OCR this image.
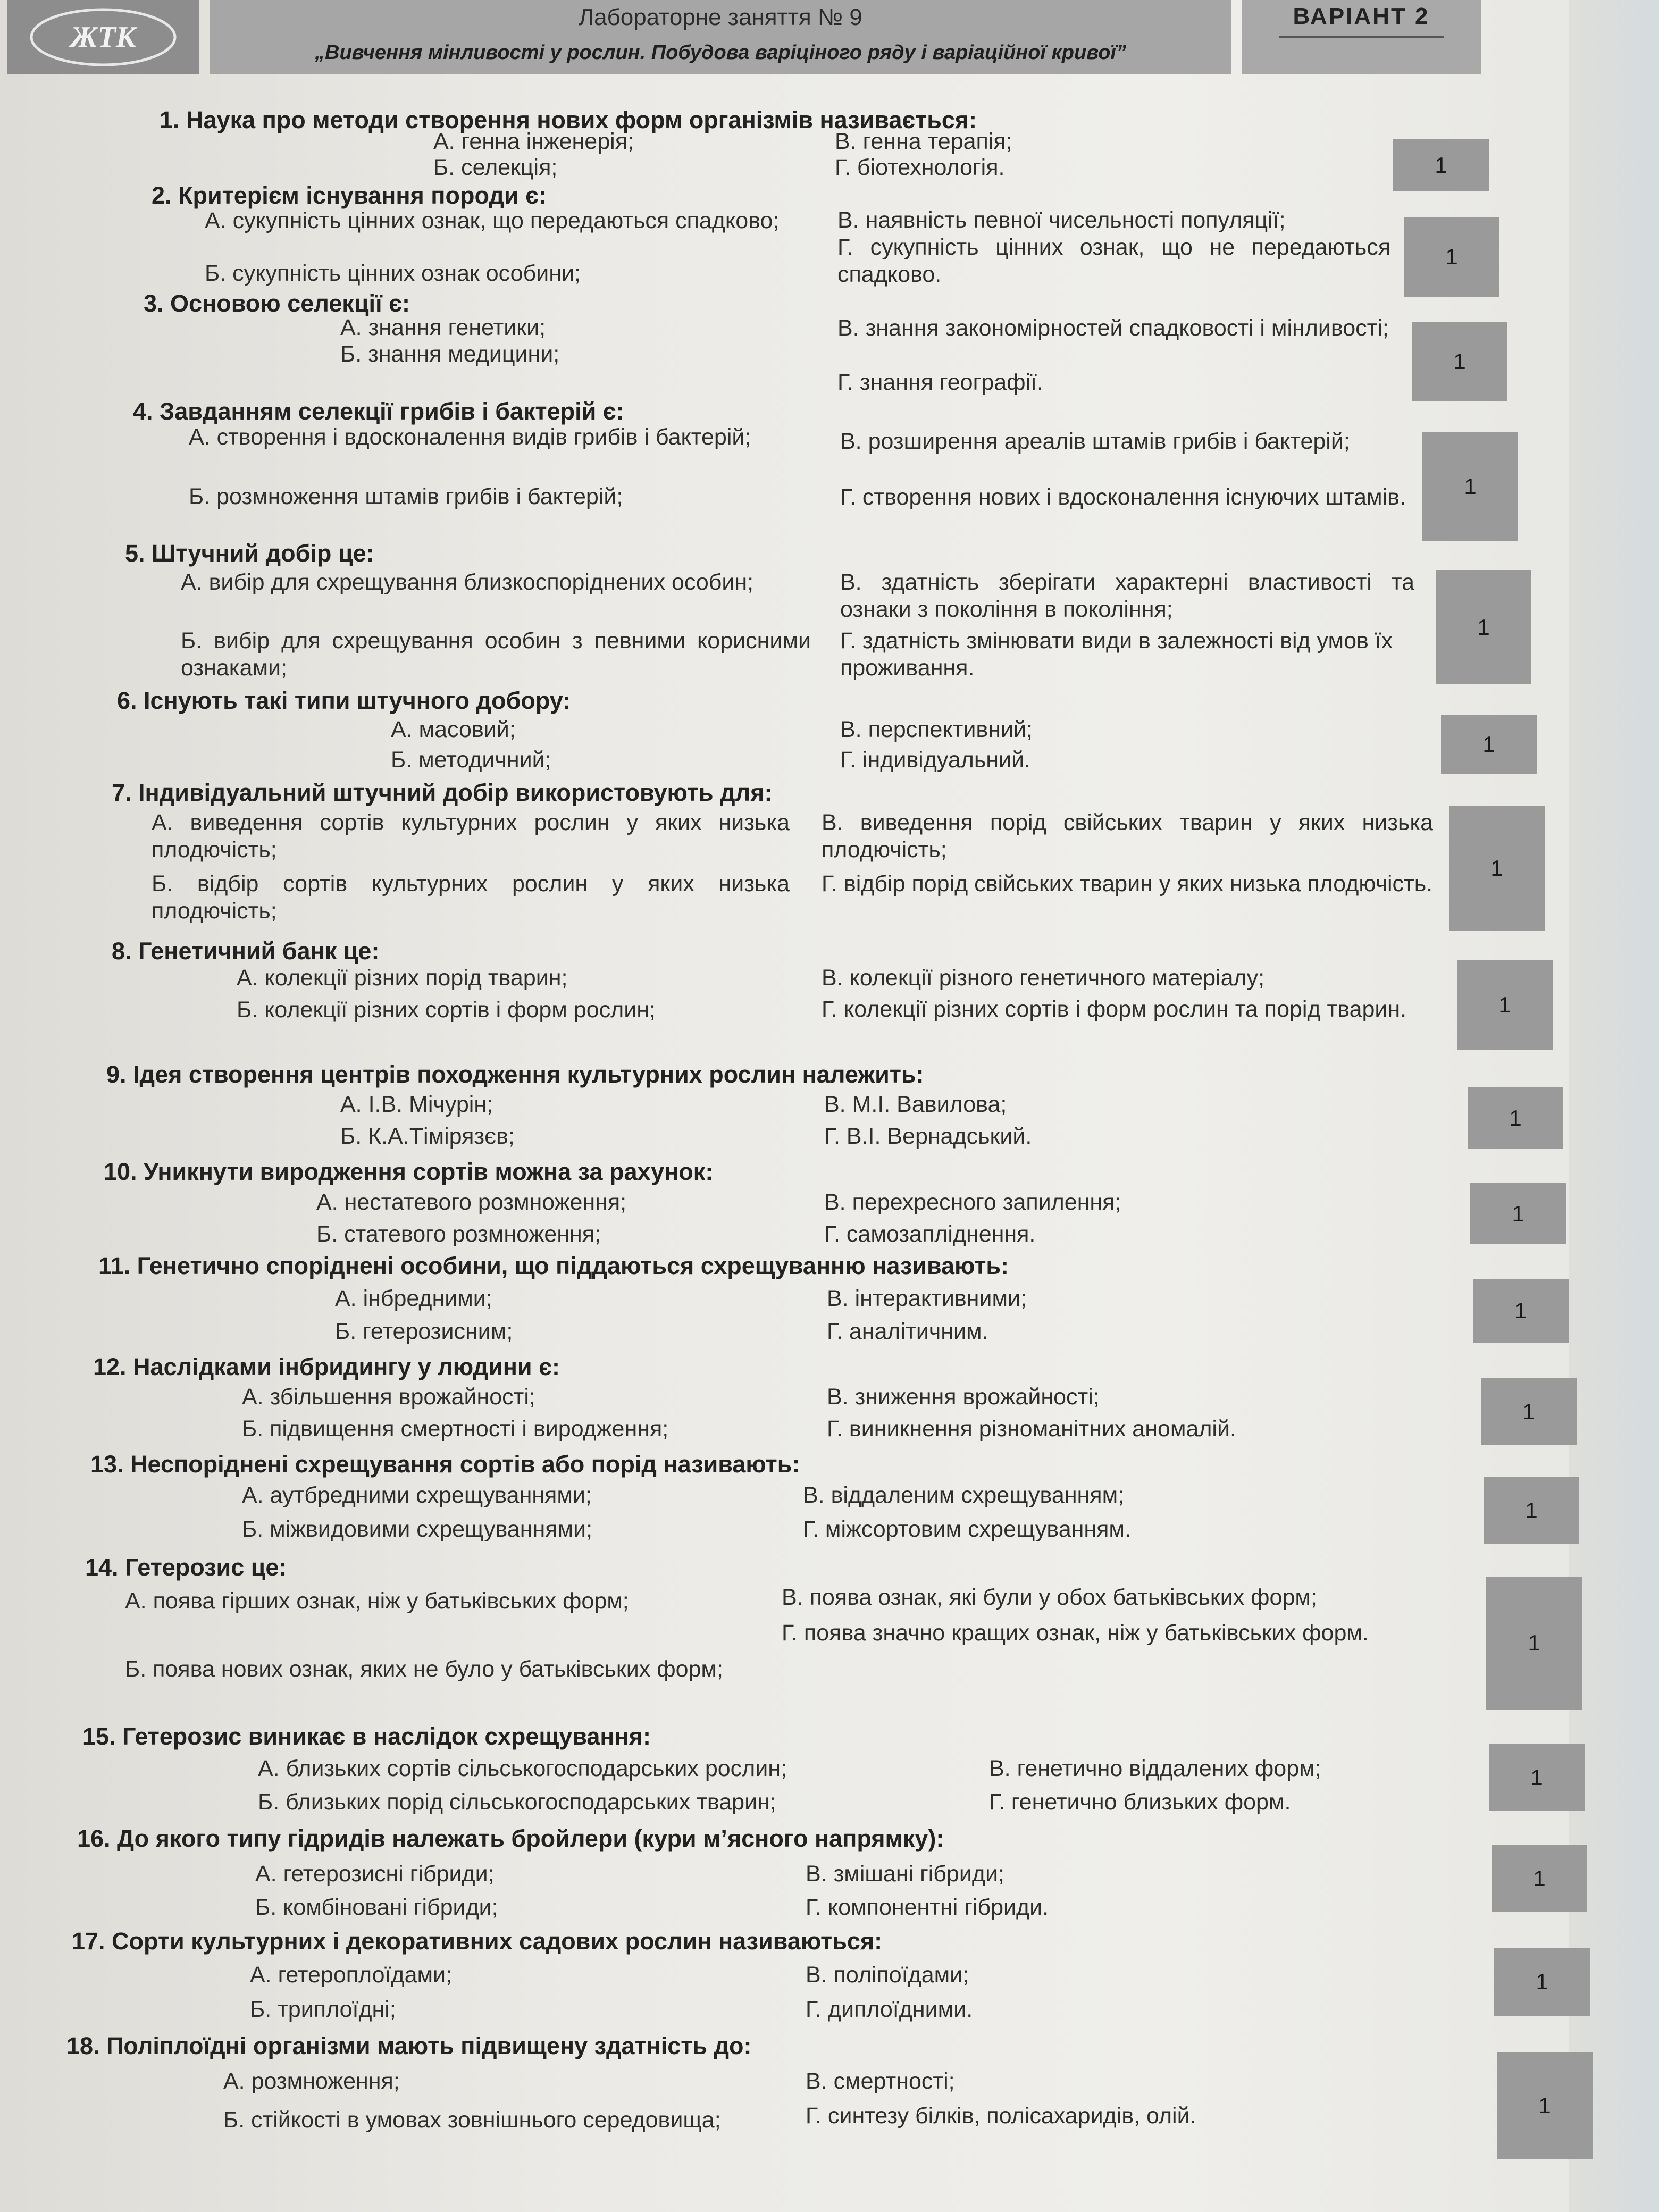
ЖТК
Лабораторне заняття № 9
„Вивчення мінливості у рослин. Побудова варіціного ряду і варіаційної кривої”
ВАРІАНТ 2
1. Наука про методи створення нових форм організмів називається:
А. генна інженерія;
Б. селекція;
В. генна терапія;
Г. біотехнологія.	1
2. Критерієм існування породи є:
А. сукупність цінних ознак, що передаються спадково;
Б. сукупність цінних ознак особини;
В. наявність певної чисельності популяції;
Г. сукупність цінних ознак, що не передаються спадково.
1
3. Основою селекції є:
А. знання генетики;
Б. знання медицини;
В. знання закономірностей спадковості і мінливості;
Г. знання географії.
1
4. Завданням селекції грибів і бактерій є:
А. створення і вдосконалення видів грибів і бактерій;
Б. розмноження штамів грибів і бактерій;
В. розширення ареалів штамів грибів і бактерій;
Г. створення нових і вдосконалення існуючих штамів.	1
5. Штучний добір це:
А. вибір для схрещування близкоспоріднених особин;
Б. вибір для схрещування особин з певними корисними ознаками;
В. здатність зберігати характерні властивості та ознаки з покоління в покоління;
Г. здатність змінювати види в залежності від умов їх проживання.
1
6. Існують такі типи штучного добору:
А. масовий;
Б. методичний;
В. перспективний;
Г. індивідуальний.
1
7. Індивідуальний штучний добір використовують для:
А. виведення сортів культурних рослин у яких низька плодючість;
Б. відбір сортів культурних рослин у яких низька плодючість;
В. виведення порід свійських тварин у яких низька плодючість;
Г. відбір порід свійських тварин у яких низька плодючість.
1
8. Генетичний банк це:
А. колекції різних порід тварин;
Б. колекції різних сортів і форм рослин;
В. колекції різного генетичного матеріалу;
Г. колекції різних сортів і форм рослин та порід тварин.	1
9. Ідея створення центрів походження культурних рослин належить:
А. І.В. Мічурін;
Б. К.А.Тімірязєв;
В. М.І. Вавилова;
Г. В.І. Вернадський.
1
10. Уникнути виродження сортів можна за рахунок:
А. нестатевого розмноження;
Б. статевого розмноження;
В. перехресного запилення;
Г. самозапліднення.
1
11. Генетично споріднені особини, що піддаються схрещуванню називають:
А. інбредними;
Б. гетерозисним;
В. інтерактивними;
Г. аналітичним.
1
12. Наслідками інбридингу у людини є:
А. збільшення врожайності;
Б. підвищення смертності і виродження;
В. зниження врожайності;
Г. виникнення різноманітних аномалій.
1
13. Неспоріднені схрещування сортів або порід називають:
А. аутбредними схрещуваннями;
Б. міжвидовими схрещуваннями;
В. віддаленим схрещуванням;
Г. міжсортовим схрещуванням.
1
14. Гетерозис це:
А. поява гірших ознак, ніж у батьківських форм;
Б. поява нових ознак, яких не було у батьківських форм;
В. поява ознак, які були у обох батьківських форм;
Г. поява значно кращих ознак, ніж у батьківських форм.	1
15. Гетерозис виникає в наслідок схрещування:
А. близьких сортів сільськогосподарських рослин;
Б. близьких порід сільськогосподарських тварин;
В. генетично віддалених форм;
Г. генетично близьких форм.
1
16. До якого типу гідридів належать бройлери (кури м’ясного напрямку):
А. гетерозисні гібриди;
Б. комбіновані гібриди;
В. змішані гібриди;
Г. компонентні гібриди.
1
17. Сорти культурних і декоративних садових рослин називаються:
А. гетероплоїдами;
Б. триплоїдні;
В. поліпоїдами;
Г. диплоїдними.
1
18. Поліплоїдні організми мають підвищену здатність до:
А. розмноження;
Б. стійкості в умовах зовнішнього середовища;
В. смертності;
Г. синтезу білків, полісахаридів, олій.	1
